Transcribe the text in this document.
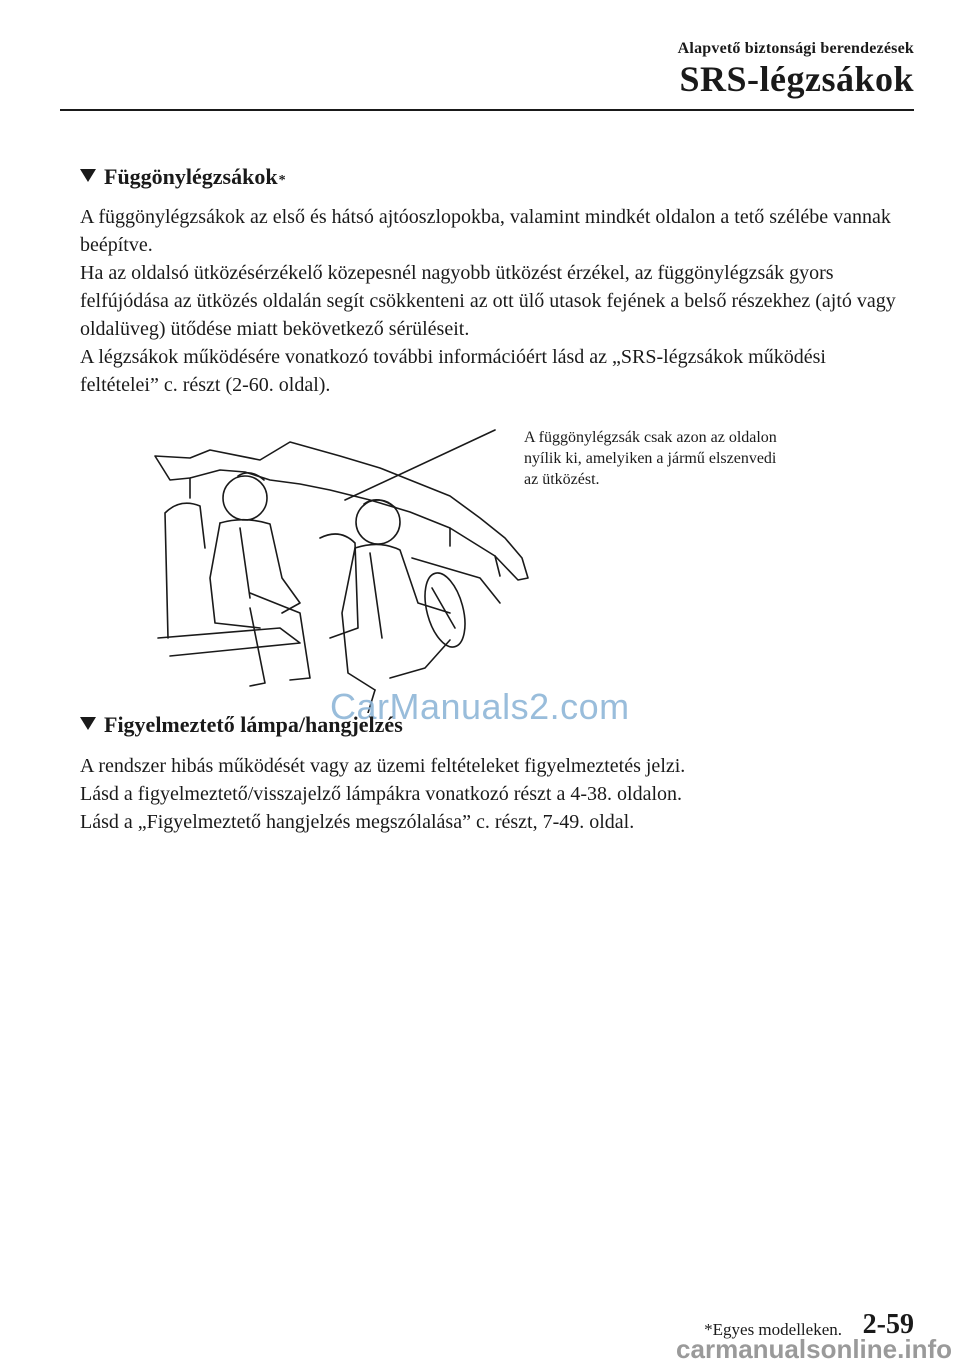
Alapvető biztonsági berendezések
SRS-légzsákok
Függönylégzsákok *

A függönylégzsákok az első és hátsó ajtóoszlopokba, valamint mindkét oldalon a tető szélébe vannak beépítve.

Ha az oldalsó ütközésérzékelő közepesnél nagyobb ütközést érzékel, az függönylégzsák gyors felfújódása az ütközés oldalán segít csökkenteni az ott ülő utasok fejének a belső részekhez (ajtó vagy oldalüveg) ütődése miatt bekövetkező sérüléseit.

A légzsákok működésére vonatkozó további információért lásd az „SRS-légzsákok működési feltételei” c. részt (2-60. oldal).

A függönylégzsák csak azon az oldalon

nyílik ki, amelyiken a jármű elszenvedi

az ütközést.

CarManuals2.com
Figyelmeztető lámpa/hangjelzés

A rendszer hibás működését vagy az üzemi feltételeket figyelmeztetés jelzi.

Lásd a figyelmeztető/visszajelző lámpákra vonatkozó részt a 4-38. oldalon.

Lásd a „Figyelmeztető hangjelzés megszólalása” c. részt, 7-49. oldal.

*Egyes modelleken. 2-59
carmanualsonline.info
